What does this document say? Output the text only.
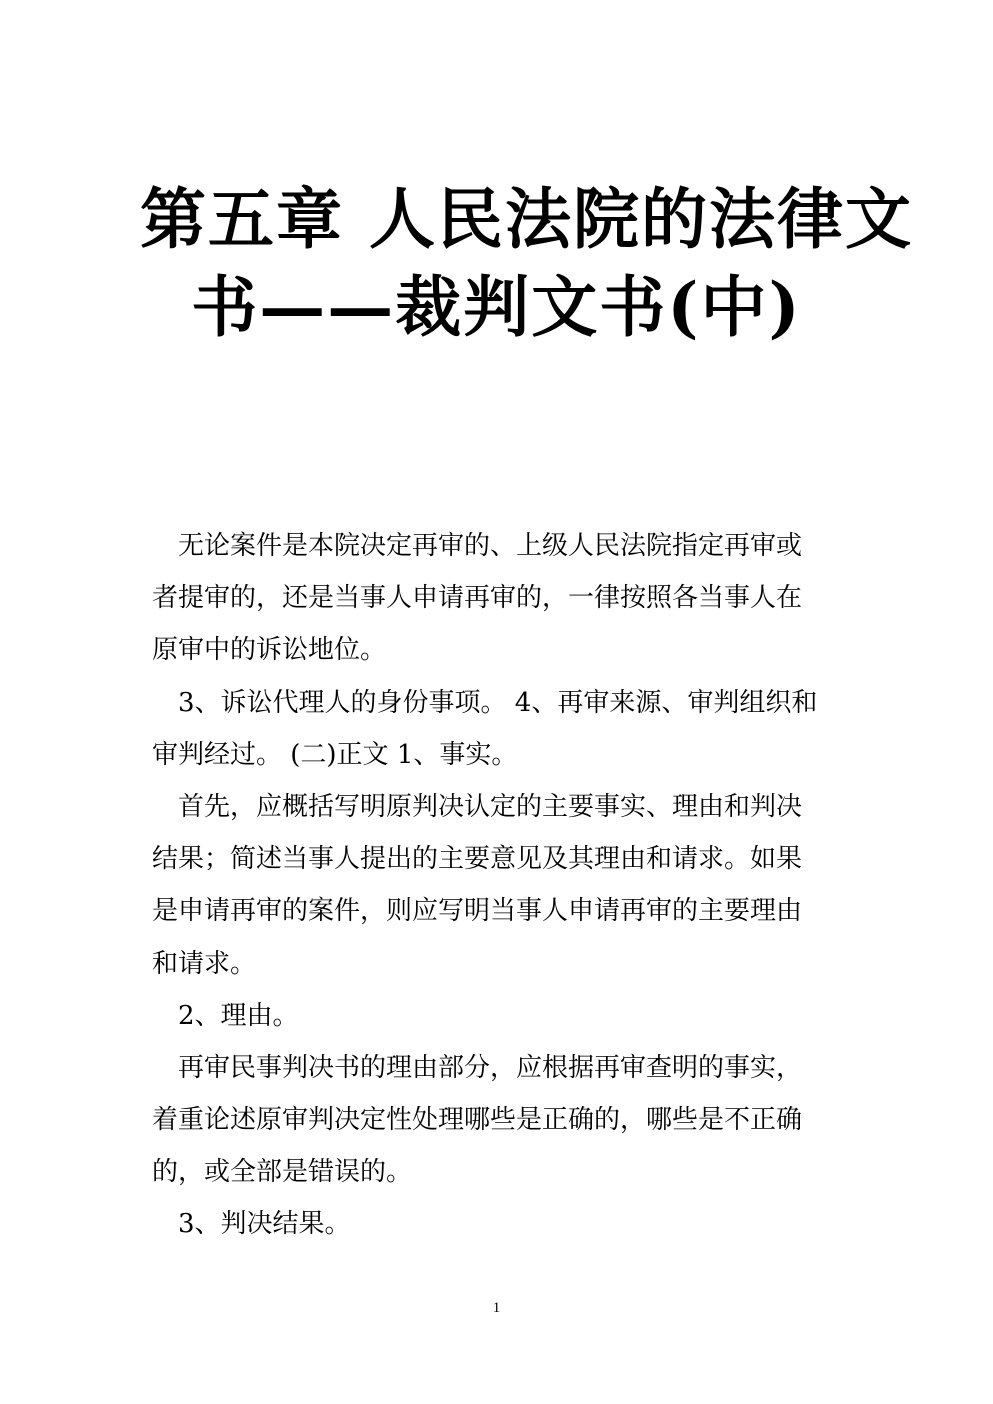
第五章 人民法院的法律文
书——裁判文书(中)
无论案件是本院决定再审的、上级人民法院指定再审或
者提审的，还是当事人申请再审的，一律按照各当事人在
原审中的诉讼地位。
3、诉讼代理人的身份事项。 4、再审来源、审判组织和
审判经过。 (二)正文 1、事实。
首先，应概括写明原判决认定的主要事实、理由和判决
结果；简述当事人提出的主要意见及其理由和请求。如果
是申请再审的案件，则应写明当事人申请再审的主要理由
和请求。
2、理由。
再审民事判决书的理由部分，应根据再审查明的事实，
着重论述原审判决定性处理哪些是正确的，哪些是不正确
的，或全部是错误的。
3、判决结果。
1
